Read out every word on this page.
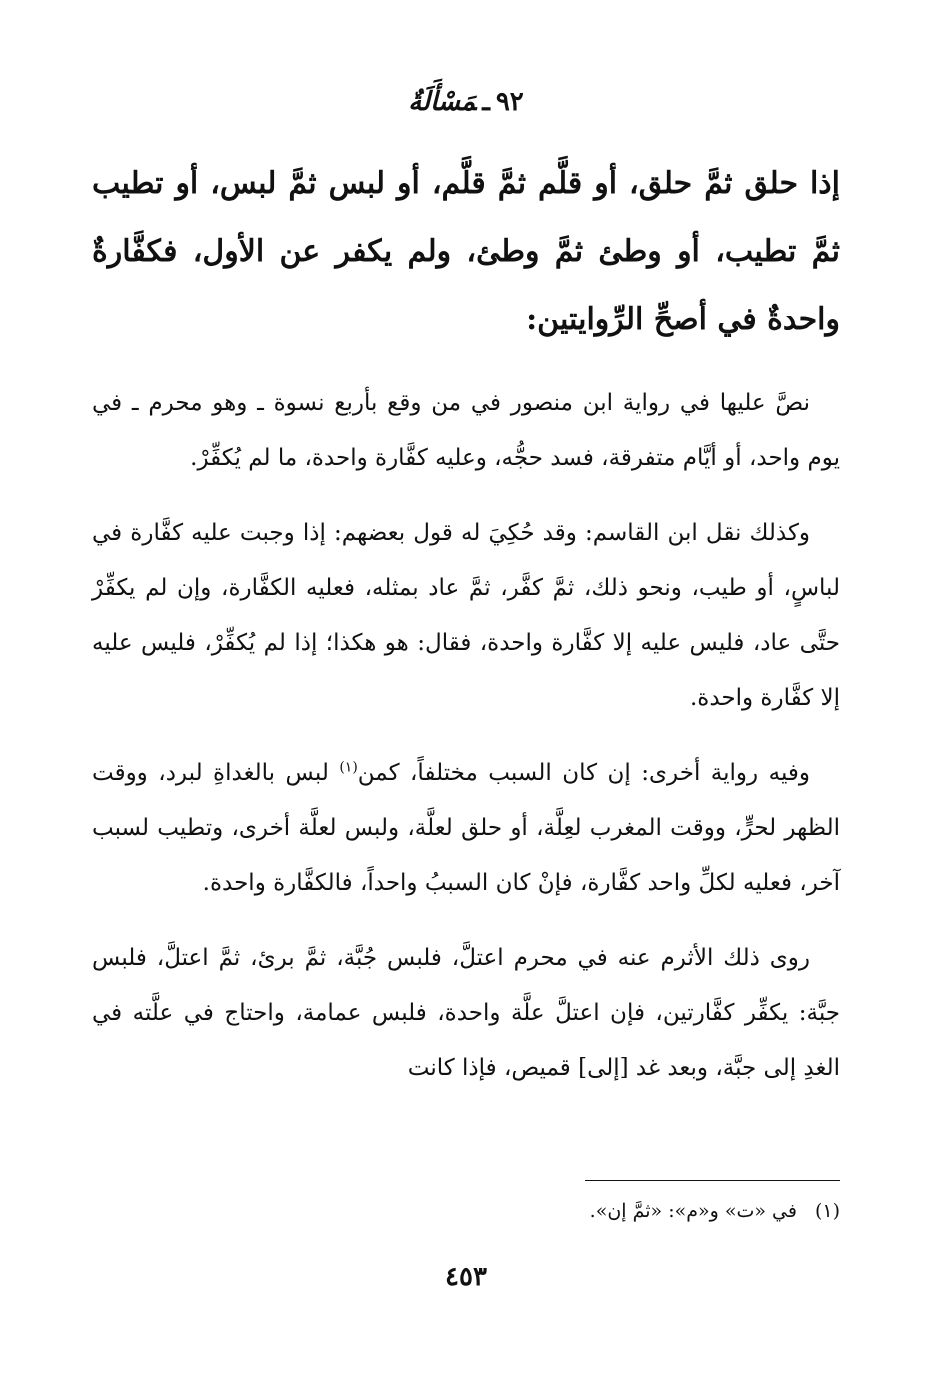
٩٢ـمَسْأَلَةٌ

إذا حلق ثمَّ حلق، أو قلَّم ثمَّ قلَّم، أو لبس ثمَّ لبس، أو تطيب ثمَّ تطيب، أو وطئ ثمَّ وطئ، ولم يكفر عن الأول، فكفَّارةٌ واحدةٌ في أصحِّ الرِّوايتين:

نصَّ عليها في رواية ابن منصور في من وقع بأربع نسوة ـ وهو محرم ـ في يوم واحد، أو أيَّام متفرقة، فسد حجُّه، وعليه كفَّارة واحدة، ما لم يُكفِّرْ.

وكذلك نقل ابن القاسم: وقد حُكِيَ له قول بعضهم: إذا وجبت عليه كفَّارة في لباسٍ، أو طيب، ونحو ذلك، ثمَّ كفَّر، ثمَّ عاد بمثله، فعليه الكفَّارة، وإن لم يكفِّرْ حتَّى عاد، فليس عليه إلا كفَّارة واحدة، فقال: هو هكذا؛ إذا لم يُكفِّرْ، فليس عليه إلا كفَّارة واحدة.

وفيه رواية أخرى: إن كان السبب مختلفاً، كمن$^{(١)}$ لبس بالغداةِ لبرد، ووقت الظهر لحرٍّ، ووقت المغرب لعِلَّة، أو حلق لعلَّة، ولبس لعلَّة أخرى، وتطيب لسبب آخر، فعليه لكلِّ واحد كفَّارة، فإنْ كان السببُ واحداً، فالكفَّارة واحدة.

روى ذلك الأثرم عنه في محرم اعتلَّ، فلبس جُبَّة، ثمَّ برئ، ثمَّ اعتلَّ، فلبس جبَّة: يكفِّر كفَّارتين، فإن اعتلَّ علَّة واحدة، فلبس عمامة، واحتاج في علَّته في الغدِ إلى جبَّة، وبعد غد [إلى] قميص، فإذا كانت

(١)في «ت» و«م»: «ثمَّ إن».
٤٥٣
